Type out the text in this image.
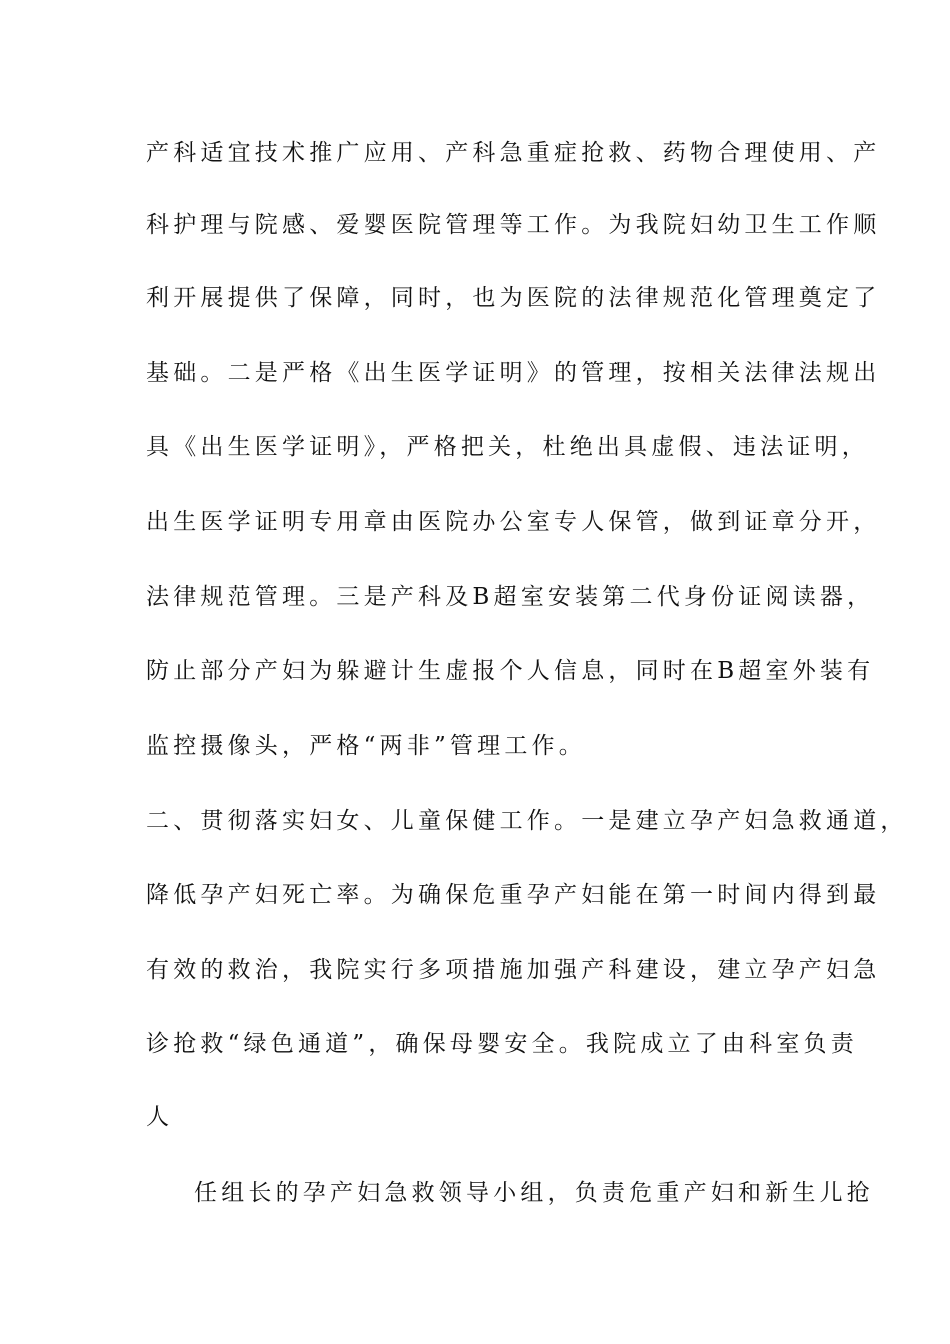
产科适宜技术推广应用、产科急重症抢救、药物合理使用、产
科护理与院感、爱婴医院管理等工作。为我院妇幼卫生工作顺
利开展提供了保障，同时，也为医院的法律规范化管理奠定了
基础。二是严格《出生医学证明》的管理，按相关法律法规出
具《出生医学证明》，严格把关，杜绝出具虚假、违法证明，
出生医学证明专用章由医院办公室专人保管，做到证章分开，
法律规范管理。三是产科及B超室安装第二代身份证阅读器，
防止部分产妇为躲避计生虚报个人信息，同时在B超室外装有
监控摄像头，严格“两非”管理工作。
二、贯彻落实妇女、儿童保健工作。一是建立孕产妇急救通道，
降低孕产妇死亡率。为确保危重孕产妇能在第一时间内得到最
有效的救治，我院实行多项措施加强产科建设，建立孕产妇急
诊抢救“绿色通道”，确保母婴安全。我院成立了由科室负责
人
任组长的孕产妇急救领导小组，负责危重产妇和新生儿抢
